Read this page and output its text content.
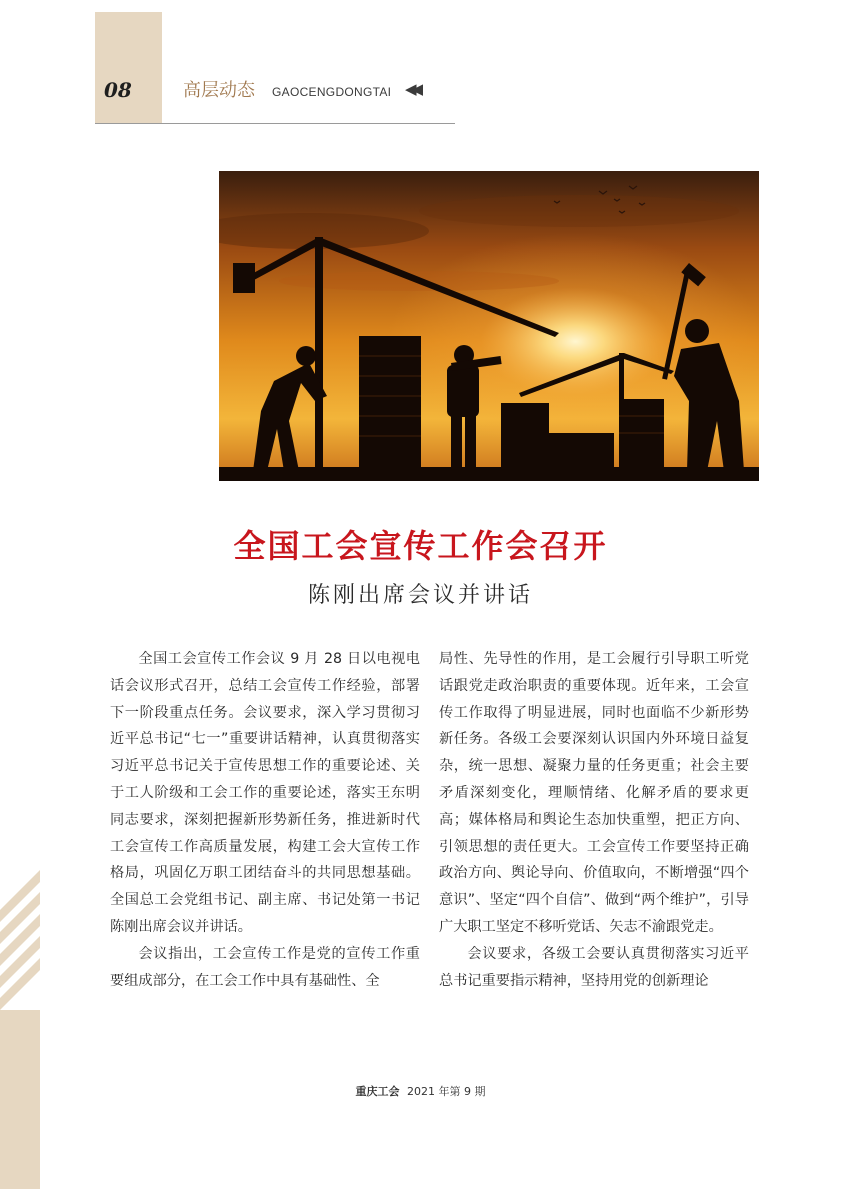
08	高层动态 GAOCENGDONGTAI ◀◀
全国工会宣传工作会召开
陈刚出席会议并讲话

全国工会宣传工作会议 9 月 28 日以电视电话会议形式召开，总结工会宣传工作经验，部署下一阶段重点任务。会议要求，深入学习贯彻习近平总书记“七一”重要讲话精神，认真贯彻落实习近平总书记关于宣传思想工作的重要论述、关于工人阶级和工会工作的重要论述，落实王东明同志要求，深刻把握新形势新任务，推进新时代工会宣传工作高质量发展，构建工会大宣传工作格局，巩固亿万职工团结奋斗的共同思想基础。全国总工会党组书记、副主席、书记处第一书记陈刚出席会议并讲话。

会议指出，工会宣传工作是党的宣传工作重要组成部分，在工会工作中具有基础性、全

局性、先导性的作用，是工会履行引导职工听党话跟党走政治职责的重要体现。近年来，工会宣传工作取得了明显进展，同时也面临不少新形势新任务。各级工会要深刻认识国内外环境日益复杂，统一思想、凝聚力量的任务更重；社会主要矛盾深刻变化，理顺情绪、化解矛盾的要求更高；媒体格局和舆论生态加快重塑，把正方向、引领思想的责任更大。工会宣传工作要坚持正确政治方向、舆论导向、价值取向，不断增强“四个意识”、坚定“四个自信”、做到“两个维护”，引导广大职工坚定不移听党话、矢志不渝跟党走。

会议要求，各级工会要认真贯彻落实习近平总书记重要指示精神，坚持用党的创新理论

重庆工会 2021 年第 9 期
